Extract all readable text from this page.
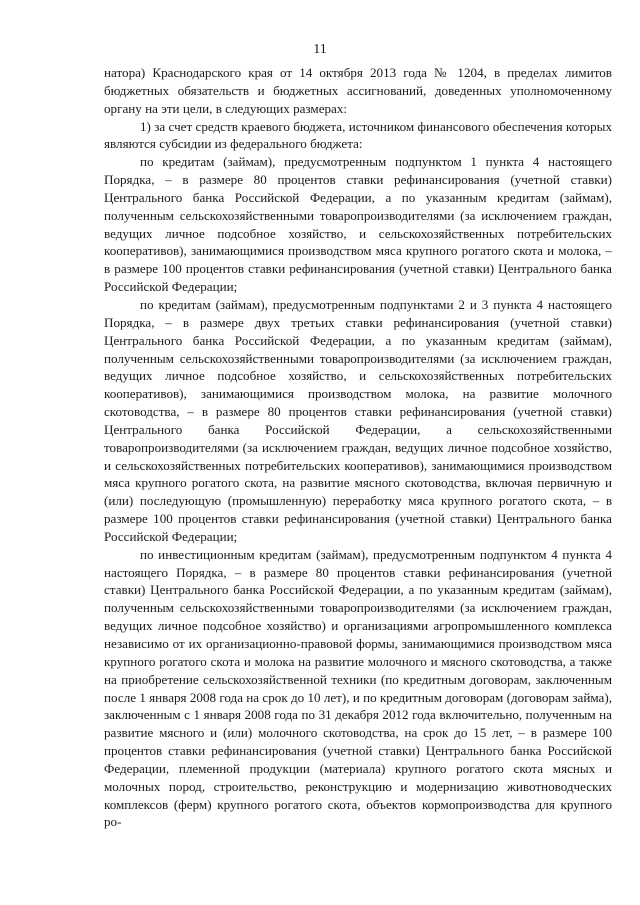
11

натора) Краснодарского края от 14 октября 2013 года № 1204, в пределах лимитов бюджетных обязательств и бюджетных ассигнований, доведенных уполномоченному органу на эти цели, в следующих размерах:

1) за счет средств краевого бюджета, источником финансового обеспечения которых являются субсидии из федерального бюджета:

по кредитам (займам), предусмотренным подпунктом 1 пункта 4 настоящего Порядка, – в размере 80 процентов ставки рефинансирования (учетной ставки) Центрального банка Российской Федерации, а по указанным кредитам (займам), полученным сельскохозяйственными товаропроизводителями (за исключением граждан, ведущих личное подсобное хозяйство, и сельскохозяйственных потребительских кооперативов), занимающимися производством мяса крупного рогатого скота и молока, – в размере 100 процентов ставки рефинансирования (учетной ставки) Центрального банка Российской Федерации;

по кредитам (займам), предусмотренным подпунктами 2 и 3 пункта 4 настоящего Порядка, – в размере двух третьих ставки рефинансирования (учетной ставки) Центрального банка Российской Федерации, а по указанным кредитам (займам), полученным сельскохозяйственными товаропроизводителями (за исключением граждан, ведущих личное подсобное хозяйство, и сельскохозяйственных потребительских кооперативов), занимающимися производством молока, на развитие молочного скотоводства, – в размере 80 процентов ставки рефинансирования (учетной ставки) Центрального банка Российской Федерации, а сельскохозяйственными товаропроизводителями (за исключением граждан, ведущих личное подсобное хозяйство, и сельскохозяйственных потребительских кооперативов), занимающимися производством мяса крупного рогатого скота, на развитие мясного скотоводства, включая первичную и (или) последующую (промышленную) переработку мяса крупного рогатого скота, – в размере 100 процентов ставки рефинансирования (учетной ставки) Центрального банка Российской Федерации;

по инвестиционным кредитам (займам), предусмотренным подпунктом 4 пункта 4 настоящего Порядка, – в размере 80 процентов ставки рефинансирования (учетной ставки) Центрального банка Российской Федерации, а по указанным кредитам (займам), полученным сельскохозяйственными товаропроизводителями (за исключением граждан, ведущих личное подсобное хозяйство) и организациями агропромышленного комплекса независимо от их организационно-правовой формы, занимающимися производством мяса крупного рогатого скота и молока на развитие молочного и мясного скотоводства, а также на приобретение сельскохозяйственной техники (по кредитным договорам, заключенным после 1 января 2008 года на срок до 10 лет), и по кредитным договорам (договорам займа), заключенным с 1 января 2008 года по 31 декабря 2012 года включительно, полученным на развитие мясного и (или) молочного скотоводства, на срок до 15 лет, – в размере 100 процентов ставки рефинансирования (учетной ставки) Центрального банка Российской Федерации, племенной продукции (материала) крупного рогатого скота мясных и молочных пород, строительство, реконструкцию и модернизацию животноводческих комплексов (ферм) крупного рогатого скота, объектов кормопроизводства для крупного ро-
